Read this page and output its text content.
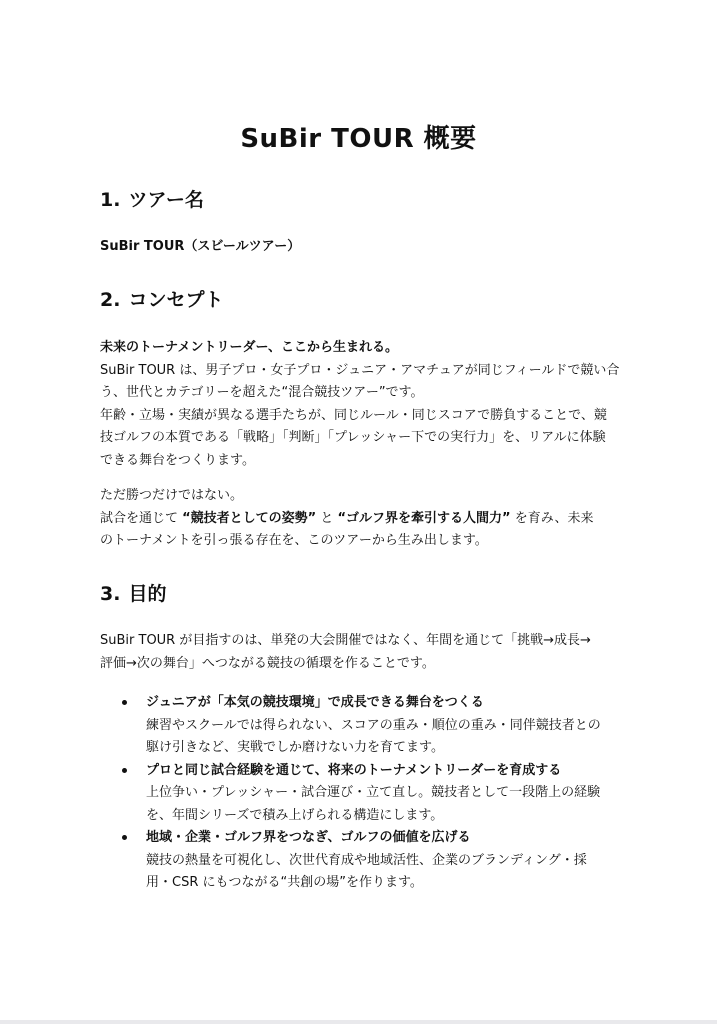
SuBir TOUR 概要
1. ツアー名

SuBir TOUR（スビールツアー）

2. コンセプト
未来のトーナメントリーダー、ここから生まれる。
SuBir TOUR は、男子プロ・女子プロ・ジュニア・アマチュアが同じフィールドで競い合
う、世代とカテゴリーを超えた“混合競技ツアー”です。
年齢・立場・実績が異なる選手たちが、同じルール・同じスコアで勝負することで、競
技ゴルフの本質である「戦略」「判断」「プレッシャー下での実行力」を、リアルに体験
できる舞台をつくります。
ただ勝つだけではない。
試合を通じて “競技者としての姿勢” と “ゴルフ界を牽引する人間力” を育み、未来
のトーナメントを引っ張る存在を、このツアーから生み出します。
3. 目的
SuBir TOUR が目指すのは、単発の大会開催ではなく、年間を通じて「挑戦→成長→
評価→次の舞台」へつながる競技の循環を作ることです。
ジュニアが「本気の競技環境」で成長できる舞台をつくる
練習やスクールでは得られない、スコアの重み・順位の重み・同伴競技者との
駆け引きなど、実戦でしか磨けない力を育てます。
プロと同じ試合経験を通じて、将来のトーナメントリーダーを育成する
上位争い・プレッシャー・試合運び・立て直し。競技者として一段階上の経験
を、年間シリーズで積み上げられる構造にします。
地域・企業・ゴルフ界をつなぎ、ゴルフの価値を広げる
競技の熱量を可視化し、次世代育成や地域活性、企業のブランディング・採
用・CSR にもつながる“共創の場”を作ります。
